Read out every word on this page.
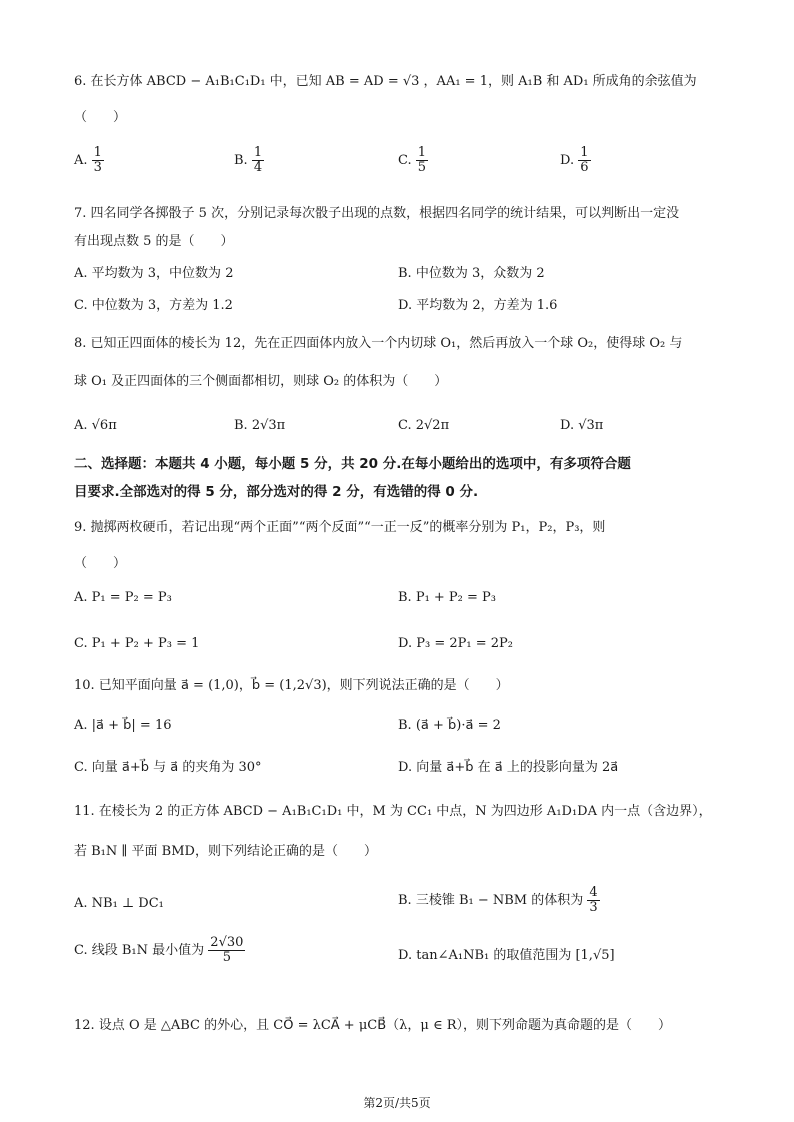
6. 在长方体 ABCD − A₁B₁C₁D₁ 中，已知 AB = AD = √3 ，AA₁ = 1，则 A₁B 和 AD₁ 所成角的余弦值为
（　　）
A. $\frac{1}{3}$	B. $\frac{1}{4}$	C. $\frac{1}{5}$	D. $\frac{1}{6}$
7. 四名同学各掷骰子 5 次，分别记录每次骰子出现的点数，根据四名同学的统计结果，可以判断出一定没
有出现点数 5 的是（　　）
A. 平均数为 3，中位数为 2	B. 中位数为 3，众数为 2
C. 中位数为 3，方差为 1.2	D. 平均数为 2，方差为 1.6
8. 已知正四面体的棱长为 12，先在正四面体内放入一个内切球 O₁，然后再放入一个球 O₂，使得球 O₂ 与
球 O₁ 及正四面体的三个侧面都相切，则球 O₂ 的体积为（　　）
A. √6π	B. 2√3π	C. 2√2π	D. √3π
二、选择题：本题共 4 小题，每小题 5 分，共 20 分.在每小题给出的选项中，有多项符合题
目要求.全部选对的得 5 分，部分选对的得 2 分，有选错的得 0 分.
9. 抛掷两枚硬币，若记出现“两个正面”“两个反面”“一正一反”的概率分别为 P₁，P₂，P₃，则
（　　）
A. P₁ = P₂ = P₃	B. P₁ + P₂ = P₃
C. P₁ + P₂ + P₃ = 1	D. P₃ = 2P₁ = 2P₂
10. 已知平面向量 a⃗ = (1,0)，b⃗ = (1,2√3)，则下列说法正确的是（　　）
A. |a⃗ + b⃗| = 16	B. (a⃗ + b⃗)·a⃗ = 2
C. 向量 a⃗+b⃗ 与 a⃗ 的夹角为 30°	D. 向量 a⃗+b⃗ 在 a⃗ 上的投影向量为 2a⃗
11. 在棱长为 2 的正方体 ABCD − A₁B₁C₁D₁ 中，M 为 CC₁ 中点，N 为四边形 A₁D₁DA 内一点（含边界），
若 B₁N ∥ 平面 BMD，则下列结论正确的是（　　）
A. NB₁ ⊥ DC₁	B. 三棱锥 B₁ − NBM 的体积为 $\frac{4}{3}$
C. 线段 B₁N 最小值为 $\frac{2√30}{5}$	D. tan∠A₁NB₁ 的取值范围为 [1,√5]
12. 设点 O 是 △ABC 的外心，且 CO⃗ = λCA⃗ + μCB⃗（λ，μ ∈ R），则下列命题为真命题的是（　　）
第2页/共5页
